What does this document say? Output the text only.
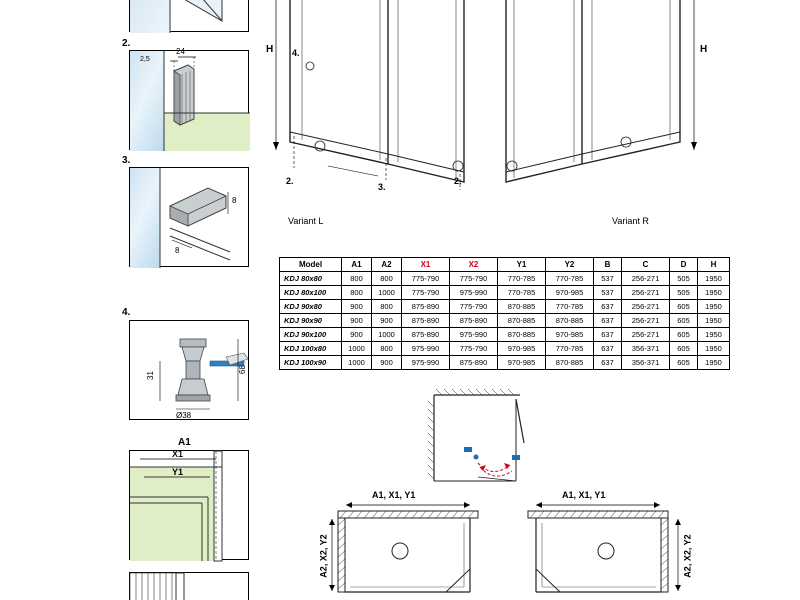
2.
2,5
24
3.
8
8
4.
31
68
Ø38
A1
X1
Y1
H 4.
2.
3.
2.
Variant L
H
Variant R
Model	A1	A2	X1	X2	Y1	Y2	B	C	D	H
KDJ 80x80	800	800	775-790	775-790	770-785	770-785	537	256-271	505	1950
KDJ 80x100	800	1000	775-790	975-990	770-785	970-985	537	256-271	505	1950
KDJ 90x80	900	800	875-890	775-790	870-885	770-785	637	256-271	605	1950
KDJ 90x90	900	900	875-890	875-890	870-885	870-885	637	256-271	605	1950
KDJ 90x100	900	1000	875-890	975-990	870-885	970-985	637	256-271	605	1950
KDJ 100x80	1000	800	975-990	775-790	970-985	770-785	637	356-371	605	1950
KDJ 100x90	1000	900	975-990	875-890	970-985	870-885	637	356-371	605	1950
A1, X1, Y1
A2, X2, Y2
A1, X1, Y1
A2, X2, Y2
